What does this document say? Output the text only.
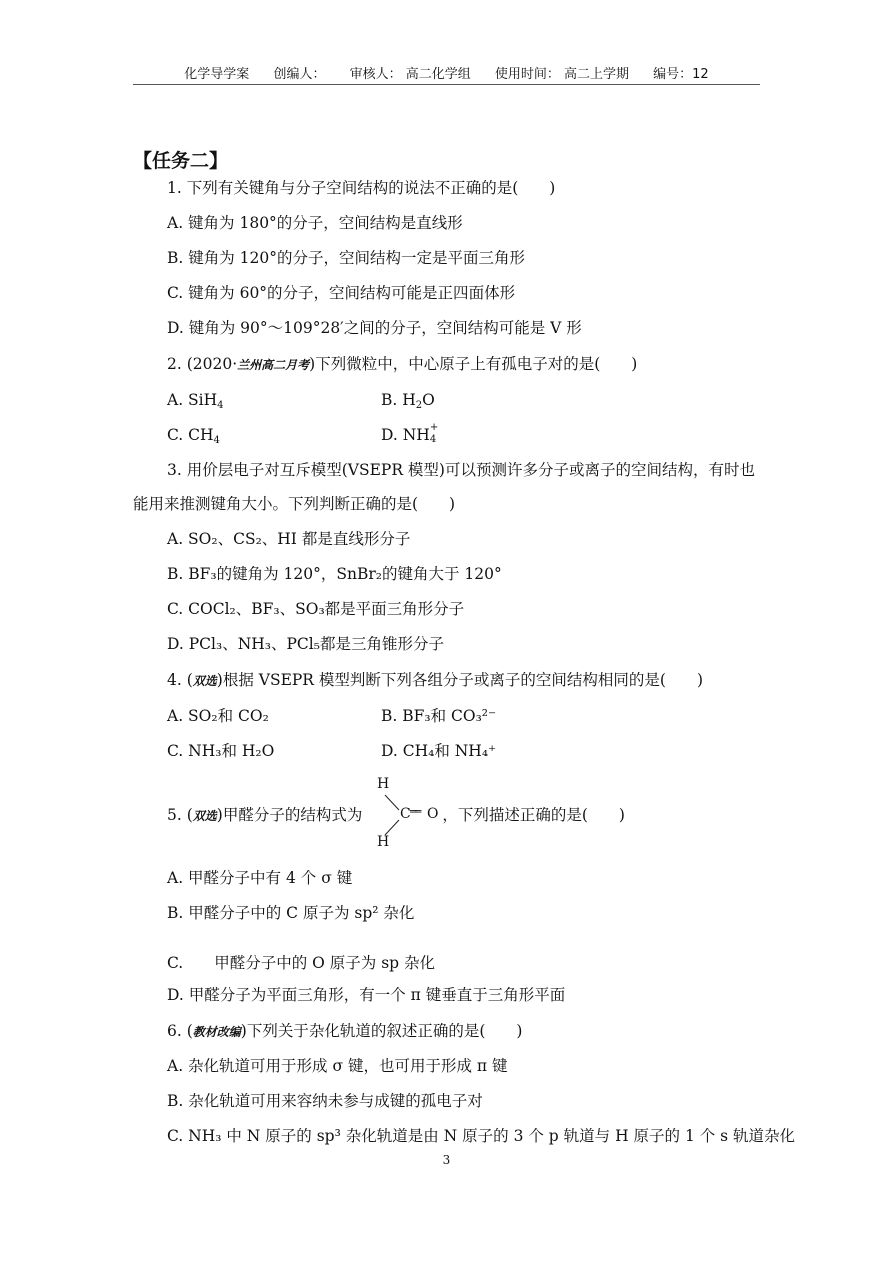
化学导学案 创编人： 审核人： 高二化学组 使用时间： 高二上学期 编号：12
【任务二】
1. 下列有关键角与分子空间结构的说法不正确的是(　　)
A. 键角为 180°的分子，空间结构是直线形
B. 键角为 120°的分子，空间结构一定是平面三角形
C. 键角为 60°的分子，空间结构可能是正四面体形
D. 键角为 90°～109°28′之间的分子，空间结构可能是 V 形
2. (2020·兰州高二月考)下列微粒中，中心原子上有孤电子对的是(　　)
A. SiH$_4$	B. $H_2O$
C. $CH_4$	D. NH +
4
3. 用价层电子对互斥模型(VSEPR 模型)可以预测许多分子或离子的空间结构，有时也
能用来推测键角大小。下列判断正确的是(　　)
A. SO₂、CS₂、HI 都是直线形分子
B. BF₃的键角为 120°，SnBr₂的键角大于 120°
C. COCl₂、BF₃、SO₃都是平面三角形分子
D. PCl₃、NH₃、PCl₅都是三角锥形分子
4. (双选)根据 VSEPR 模型判断下列各组分子或离子的空间结构相同的是(　　)
A. SO₂和 CO₂	B. BF₃和 CO₃²⁻
C. NH₃和 H₂O	D. CH₄和 NH₄⁺
5. (双选)甲醛分子的结构式为	，下列描述正确的是(　　)
H
C ══ O
H
A. 甲醛分子中有 4 个 σ 键
B. 甲醛分子中的 C 原子为 sp² 杂化
C.　　甲醛分子中的 O 原子为 sp 杂化
D. 甲醛分子为平面三角形，有一个 π 键垂直于三角形平面
6. (教材改编)下列关于杂化轨道的叙述正确的是(　　)
A. 杂化轨道可用于形成 σ 键，也可用于形成 π 键
B. 杂化轨道可用来容纳未参与成键的孤电子对
C. NH₃ 中 N 原子的 sp³ 杂化轨道是由 N 原子的 3 个 p 轨道与 H 原子的 1 个 s 轨道杂化
3
